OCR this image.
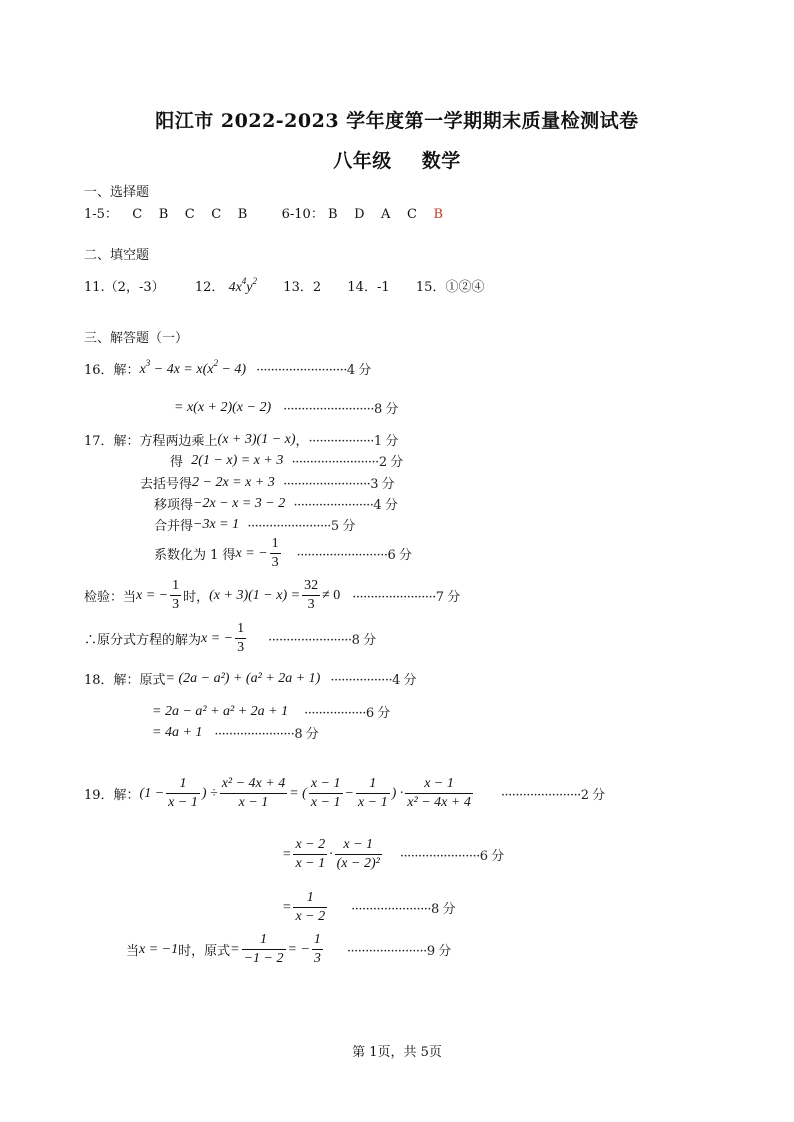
阳江市 2022-2023 学年度第一学期期末质量检测试卷
八年级 数学
一、选择题
1-5： C B C C B	6-10： B D A C B
二、填空题
11.（2，-3） 12． $4x^4y^2$ 13．2 14．-1 15．①②④
三、解答题（一）
16．解： $x^3 - 4x = x(x^2 - 4) \cdot\cdot\cdot\cdot\cdot\cdot\cdot\cdot\cdot\cdot\cdot\cdot\cdot\cdot\cdot\cdot\cdot\cdot\cdot\cdot\cdot\cdot\cdot\cdot\cdot 4$ 分
= x(x + 2)(x − 2) ·························8 分
17．解：方程两边乘上 (x + 3)(1 − x) ， ··················1 分
得
2(1 − x) = x + 3
························2 分
去括号得 2 − 2x = x + 3
························3 分
移项得 −2x − x = 3 − 2
······················4 分
合并得 −3x = 1
·······················5 分
系数化为 1 得 x = − $\frac{1}{3} \cdot\cdot\cdot\cdot\cdot\cdot\cdot\cdot\cdot\cdot\cdot\cdot\cdot\cdot\cdot\cdot\cdot\cdot\cdot\cdot\cdot\cdot\cdot\cdot\cdot 6$ 分
检验：当 x = − $\frac{1}{3}$ 时， $(x + 3)(1 - x) = \frac{32}{3} \ne 0 \cdot\cdot\cdot\cdot\cdot\cdot\cdot\cdot\cdot\cdot\cdot\cdot\cdot\cdot\cdot\cdot\cdot\cdot\cdot\cdot\cdot\cdot\cdot 7$ 分
∴原分式方程的解为 x = − $\frac{1}{3} \cdot\cdot\cdot\cdot\cdot\cdot\cdot\cdot\cdot\cdot\cdot\cdot\cdot\cdot\cdot\cdot\cdot\cdot\cdot\cdot\cdot\cdot\cdot 8$ 分
18．解：原式 = (2a − a²) + (a² + 2a + 1) ·················4 分
= 2a − a² + a² + 2a + 1 ·················6 分
= 4a + 1 ······················8 分
19．解： ($1 - \frac{1}{x - 1}$ ) ÷ $\frac{\text{x² − 4x + 4}}{x - 1}$ = ( $\frac{x - 1}{x - 1} - \frac{1}{x - 1}$ ) · $\frac{x - 1}{\text{x² − 4x + 4}} \cdot\cdot\cdot\cdot\cdot\cdot\cdot\cdot\cdot\cdot\cdot\cdot\cdot\cdot\cdot\cdot\cdot\cdot\cdot\cdot\cdot\cdot 2$ 分
= $\frac{x - 2}{x - 1} \cdot \frac{x - 1}{\text{(x − 2)²}} \cdot\cdot\cdot\cdot\cdot\cdot\cdot\cdot\cdot\cdot\cdot\cdot\cdot\cdot\cdot\cdot\cdot\cdot\cdot\cdot\cdot\cdot 6$ 分
= $\frac{1}{x - 2} \cdot\cdot\cdot\cdot\cdot\cdot\cdot\cdot\cdot\cdot\cdot\cdot\cdot\cdot\cdot\cdot\cdot\cdot\cdot\cdot\cdot\cdot 8$ 分
当 x = −1 时，原式 = $\frac{1}{-1 - 2}$ = − $\frac{1}{3} \cdot\cdot\cdot\cdot\cdot\cdot\cdot\cdot\cdot\cdot\cdot\cdot\cdot\cdot\cdot\cdot\cdot\cdot\cdot\cdot\cdot\cdot 9$ 分
第 1页，共 5页
